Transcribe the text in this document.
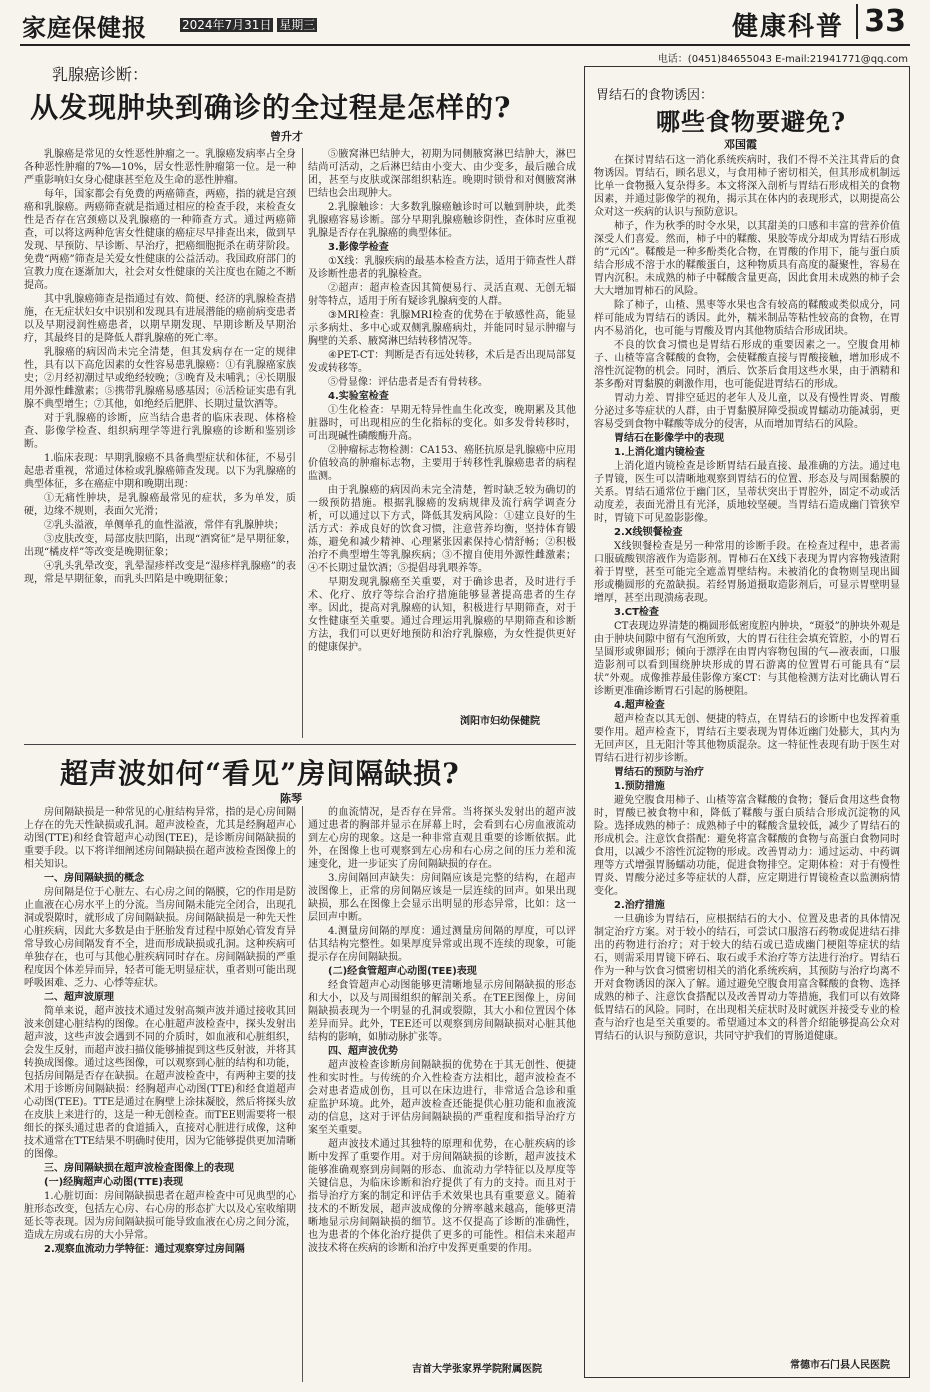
家庭保健报	2024年7月31日 星期三	健康科普 33
电话：(0451)84655043 E-mail:21941771@qq.com
乳腺癌诊断：
从发现肿块到确诊的全过程是怎样的?
曾升才

乳腺癌是常见的女性恶性肿瘤之一。乳腺癌发病率占全身各种恶性肿瘤的7%—10%，居女性恶性肿瘤第一位。是一种严重影响妇女身心健康甚至危及生命的恶性肿瘤。

每年，国家都会有免费的两癌筛查，两癌，指的就是宫颈癌和乳腺癌。两癌筛查就是指通过相应的检查手段，来检查女性是否存在宫颈癌以及乳腺癌的一种筛查方式。通过两癌筛查，可以将这两种危害女性健康的癌症尽早排查出来，做到早发现、早预防、早诊断、早治疗，把癌细胞扼杀在萌芽阶段。免费“两癌”筛查是关爱女性健康的公益活动。我国政府部门的宣教力度在逐渐加大，社会对女性健康的关注度也在随之不断提高。

其中乳腺癌筛查是指通过有效、简便、经济的乳腺检查措施，在无症状妇女中识别和发现具有进展潜能的癌前病变患者以及早期浸润性癌患者，以期早期发现、早期诊断及早期治疗，其最终目的是降低人群乳腺癌的死亡率。

乳腺癌的病因尚未完全清楚，但其发病存在一定的规律性，具有以下高危因素的女性容易患乳腺癌：①有乳腺癌家族史；②月经初潮过早或绝经较晚；③晚育及未哺乳；④长期服用外源性雌激素；⑤携带乳腺癌易感基因；⑥活检证实患有乳腺不典型增生；⑦其他，如绝经后肥胖、长期过量饮酒等。

对于乳腺癌的诊断，应当结合患者的临床表现、体格检查、影像学检查、组织病理学等进行乳腺癌的诊断和鉴别诊断。

1.临床表现：早期乳腺癌不具备典型症状和体征，不易引起患者重视，常通过体检或乳腺癌筛查发现。以下为乳腺癌的典型体征，多在癌症中期和晚期出现：

①无痛性肿块，是乳腺癌最常见的症状，多为单发，质硬，边缘不规则，表面欠光滑；

②乳头溢液，单侧单孔的血性溢液，常伴有乳腺肿块；

③皮肤改变，局部皮肤凹陷，出现“酒窝征”是早期征象，出现“橘皮样”等改变是晚期征象；

④乳头乳晕改变，乳晕湿疹样改变是“湿疹样乳腺癌”的表现，常是早期征象，而乳头凹陷是中晚期征象；

⑤腋窝淋巴结肿大，初期为同侧腋窝淋巴结肿大，淋巴结尚可活动，之后淋巴结由小变大、由少变多，最后融合成团，甚至与皮肤或深部组织粘连。晚期时锁骨和对侧腋窝淋巴结也会出现肿大。

2.乳腺触诊：大多数乳腺癌触诊时可以触到肿块，此类乳腺癌容易诊断。部分早期乳腺癌触诊阴性，查体时应重视乳腺是否存在乳腺癌的典型体征。

3.影像学检查

①X线：乳腺疾病的最基本检查方法，适用于筛查性人群及诊断性患者的乳腺检查。

②超声：超声检查因其简便易行、灵活直观、无创无辐射等特点，适用于所有疑诊乳腺病变的人群。

③MRI检查：乳腺MRI检查的优势在于敏感性高，能显示多病灶、多中心或双侧乳腺癌病灶，并能同时显示肿瘤与胸壁的关系、腋窝淋巴结转移情况等。

④PET-CT：判断是否有远处转移，术后是否出现局部复发或转移等。

⑤骨显像：评估患者是否有骨转移。

4.实验室检查

①生化检查：早期无特异性血生化改变，晚期累及其他脏器时，可出现相应的生化指标的变化。如多发骨转移时，可出现碱性磷酸酶升高。

②肿瘤标志物检测：CA153、癌胚抗原是乳腺癌中应用价值较高的肿瘤标志物，主要用于转移性乳腺癌患者的病程监测。

由于乳腺癌的病因尚未完全清楚，暂时缺乏较为确切的一级预防措施。根据乳腺癌的发病规律及流行病学调查分析，可以通过以下方式，降低其发病风险：①建立良好的生活方式：养成良好的饮食习惯，注意营养均衡，坚持体育锻炼，避免和减少精神、心理紧张因素保持心情舒畅；②积极治疗不典型增生等乳腺疾病；③不擅自使用外源性雌激素；④不长期过量饮酒；⑤提倡母乳喂养等。

早期发现乳腺癌至关重要，对于确诊患者，及时进行手术、化疗、放疗等综合治疗措施能够显著提高患者的生存率。因此，提高对乳腺癌的认知，积极进行早期筛查，对于女性健康至关重要。通过合理运用乳腺癌的早期筛查和诊断方法，我们可以更好地预防和治疗乳腺癌，为女性提供更好的健康保护。

浏阳市妇幼保健院
超声波如何“看见”房间隔缺损?
陈琴

房间隔缺损是一种常见的心脏结构异常，指的是心房间隔上存在的先天性缺损或孔洞。超声波检查，尤其是经胸超声心动图(TTE)和经食管超声心动图(TEE)，是诊断房间隔缺损的重要手段。以下将详细阐述房间隔缺损在超声波检查图像上的相关知识。

一、房间隔缺损的概念

房间隔是位于心脏左、右心房之间的隔膜，它的作用是防止血液在心房水平上的分流。当房间隔未能完全闭合，出现孔洞或裂隙时，就形成了房间隔缺损。房间隔缺损是一种先天性心脏疾病，因此大多数是由于胚胎发育过程中原始心管发育异常导致心房间隔发育不全，进而形成缺损或孔洞。这种疾病可单独存在，也可与其他心脏疾病同时存在。房间隔缺损的严重程度因个体差异而异，轻者可能无明显症状，重者则可能出现呼吸困难、乏力、心悸等症状。

二、超声波原理

简单来说，超声波技术通过发射高频声波并通过接收其回波来创建心脏结构的图像。在心脏超声波检查中，探头发射出超声波，这些声波会遇到不同的介质时，如血液和心脏组织，会发生反射，而超声波扫描仪能够捕捉到这些反射波，并将其转换成图像。通过这些图像，可以观察到心脏的结构和功能，包括房间隔是否存在缺损。在超声波检查中，有两种主要的技术用于诊断房间隔缺损：经胸超声心动图(TTE)和经食道超声心动图(TEE)。TTE是通过在胸壁上涂抹凝胶，然后将探头放在皮肤上来进行的，这是一种无创检查。而TEE则需要将一根细长的探头通过患者的食道插入，直接对心脏进行成像，这种技术通常在TTE结果不明确时使用，因为它能够提供更加清晰的图像。

三、房间隔缺损在超声波检查图像上的表现

(一)经胸超声心动图(TTE)表现

1.心脏切面：房间隔缺损患者在超声检查中可见典型的心脏形态改变，包括左心房、右心房的形态扩大以及心室收缩期延长等表现。因为房间隔缺损可能导致血液在心房之间分流，造成左房或右房的大小异常。

2.观察血流动力学特征：通过观察穿过房间隔

的血流情况，是否存在异常。当将探头发射出的超声波通过患者的胸部并显示在屏幕上时，会看到右心房血液流动到左心房的现象。这是一种非常直观且重要的诊断依据。此外，在图像上也可观察到左心房和右心房之间的压力差和流速变化，进一步证实了房间隔缺损的存在。

3.房间隔回声缺失：房间隔应该是完整的结构，在超声波图像上，正常的房间隔应该是一层连续的回声。如果出现缺损，那么在图像上会显示出明显的形态异常，比如：这一层回声中断。

4.测量房间隔的厚度：通过测量房间隔的厚度，可以评估其结构完整性。如果厚度异常或出现不连续的现象，可能提示存在房间隔缺损。

(二)经食管超声心动图(TEE)表现

经食管超声心动图能够更清晰地显示房间隔缺损的形态和大小，以及与周围组织的解剖关系。在TEE图像上，房间隔缺损表现为一个明显的孔洞或裂隙，其大小和位置因个体差异而异。此外，TEE还可以观察到房间隔缺损对心脏其他结构的影响，如肺动脉扩张等。

四、超声波优势

超声波检查诊断房间隔缺损的优势在于其无创性、便捷性和实时性。与传统的介入性检查方法相比，超声波检查不会对患者造成创伤，且可以在床边进行，非常适合急诊和重症监护环境。此外，超声波检查还能提供心脏功能和血液流动的信息，这对于评估房间隔缺损的严重程度和指导治疗方案至关重要。

超声波技术通过其独特的原理和优势，在心脏疾病的诊断中发挥了重要作用。对于房间隔缺损的诊断，超声波技术能够准确观察到房间隔的形态、血流动力学特征以及厚度等关键信息，为临床诊断和治疗提供了有力的支持。而且对于指导治疗方案的制定和评估手术效果也具有重要意义。随着技术的不断发展，超声波成像的分辨率越来越高，能够更清晰地显示房间隔缺损的细节。这不仅提高了诊断的准确性，也为患者的个体化治疗提供了更多的可能性。相信未来超声波技术将在疾病的诊断和治疗中发挥更重要的作用。

吉首大学张家界学院附属医院
胃结石的食物诱因：
哪些食物要避免?
邓国霞

在探讨胃结石这一消化系统疾病时，我们不得不关注其背后的食物诱因。胃结石，顾名思义，与食用柿子密切相关，但其形成机制远比单一食物摄入复杂得多。本文将深入剖析与胃结石形成相关的食物因素，并通过影像学的视角，揭示其在体内的表现形式，以期提高公众对这一疾病的认识与预防意识。

柿子，作为秋季的时令水果，以其甜美的口感和丰富的营养价值深受人们喜爱。然而，柿子中的鞣酸、果胶等成分却成为胃结石形成的“元凶”。鞣酸是一种多酚类化合物，在胃酸的作用下，能与蛋白质结合形成不溶于水的鞣酸蛋白，这种物质具有高度的凝聚性，容易在胃内沉积。未成熟的柿子中鞣酸含量更高，因此食用未成熟的柿子会大大增加胃柿石的风险。

除了柿子，山楂、黑枣等水果也含有较高的鞣酸或类似成分，同样可能成为胃结石的诱因。此外，糯米制品等粘性较高的食物，在胃内不易消化，也可能与胃酸及胃内其他物质结合形成团块。

不良的饮食习惯也是胃结石形成的重要因素之一。空腹食用柿子、山楂等富含鞣酸的食物，会使鞣酸直接与胃酸接触，增加形成不溶性沉淀物的机会。同时，酒后、饮茶后食用这些水果，由于酒精和茶多酚对胃黏膜的刺激作用，也可能促进胃结石的形成。

胃动力差、胃排空延迟的老年人及儿童，以及有慢性胃炎、胃酸分泌过多等症状的人群，由于胃黏膜屏障受损或胃蠕动功能减弱，更容易受到食物中鞣酸等成分的侵害，从而增加胃结石的风险。

胃结石在影像学中的表现

1.上消化道内镜检查

上消化道内镜检查是诊断胃结石最直接、最准确的方法。通过电子胃镜，医生可以清晰地观察到胃结石的位置、形态及与周围黏膜的关系。胃结石通常位于幽门区，呈蒂状突出于胃腔外，固定不动或活动度差，表面光滑且有光泽，质地较坚硬。当胃结石造成幽门管狭窄时，胃镜下可见盈影影像。

2.X线钡餐检查

X线钡餐检查是另一种常用的诊断手段。在检查过程中，患者需口服硫酸钡溶液作为造影剂。胃柿石在X线下表现为胃内容物残渣附着于胃壁，甚至可能完全遮盖胃壁结构。未被消化的食物则呈现出圆形或椭圆形的充盈缺损。若经胃肠道摄取造影剂后，可显示胃壁明显增厚，甚至出现溃疡表现。

3.CT检查

CT表现边界清楚的椭圆形低密度腔内肿块，“斑驳”的肿块外观是由于肿块间隙中留有气泡所致，大的胃石往往会填充管腔，小的胃石呈圆形或卵圆形；倾向于漂浮在由胃内容物包围的气—液表面，口服造影剂可以看到围绕肿块形成的胃石游离的位置胃石可能具有“层状”外观。成像推荐最佳影像方案CT：与其他检测方法对比确认胃石诊断更准确诊断胃石引起的肠梗阻。

4.超声检查

超声检查以其无创、便捷的特点，在胃结石的诊断中也发挥着重要作用。超声检查下，胃结石主要表现为胃体近幽门处膨大，其内为无回声区，且无阳汁等其他物质混杂。这一特征性表现有助于医生对胃结石进行初步诊断。

胃结石的预防与治疗

1.预防措施

避免空腹食用柿子、山楂等富含鞣酸的食物；餐后食用这些食物时，胃酸已被食物中和，降低了鞣酸与蛋白质结合形成沉淀物的风险。选择成熟的柿子：成熟柿子中的鞣酸含量较低，减少了胃结石的形成机会。注意饮食搭配：避免将富含鞣酸的食物与高蛋白食物同时食用，以减少不溶性沉淀物的形成。改善胃动力：通过运动、中药调理等方式增强胃肠蠕动功能，促进食物排空。定期体检：对于有慢性胃炎、胃酸分泌过多等症状的人群，应定期进行胃镜检查以监测病情变化。

2.治疗措施

一旦确诊为胃结石，应根据结石的大小、位置及患者的具体情况制定治疗方案。对于较小的结石，可尝试口服溶石药物或促进结石排出的药物进行治疗；对于较大的结石或已造成幽门梗阻等症状的结石，则需采用胃镜下碎石、取石或手术治疗等方法进行治疗。胃结石作为一种与饮食习惯密切相关的消化系统疾病，其预防与治疗均离不开对食物诱因的深入了解。通过避免空腹食用富含鞣酸的食物、选择成熟的柿子、注意饮食搭配以及改善胃动力等措施，我们可以有效降低胃结石的风险。同时，在出现相关症状时及时就医并接受专业的检查与治疗也是至关重要的。希望通过本文的科普介绍能够提高公众对胃结石的认识与预防意识，共同守护我们的胃肠道健康。

常德市石门县人民医院
